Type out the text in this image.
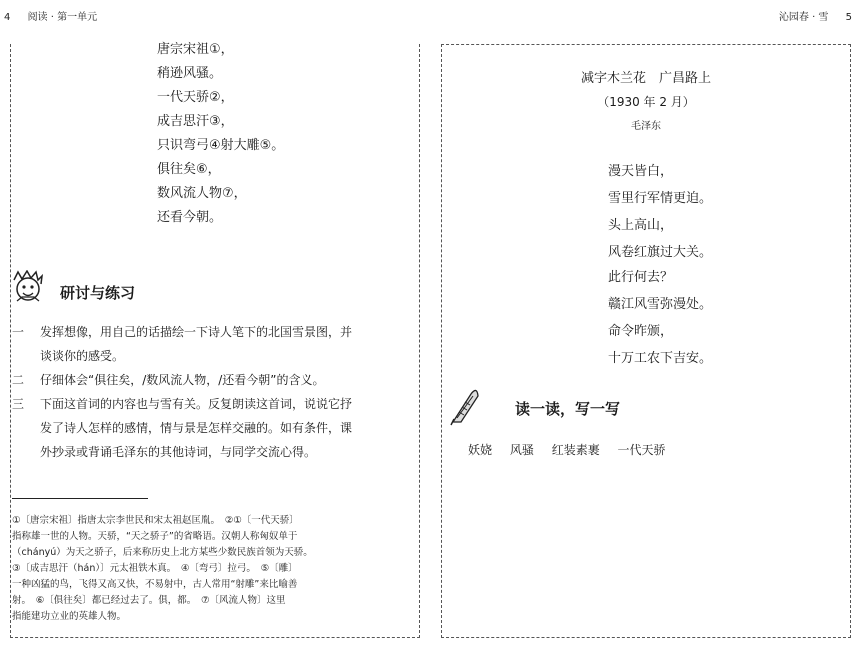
4 阅读 · 第一单元	沁园春 · 雪 5
唐宗宋祖①，
稍逊风骚。
一代天骄②，
成吉思汗③，
只识弯弓④射大雕⑤。
俱往矣⑥，
数风流人物⑦，
还看今朝。
研讨与练习
一 发挥想像，用自己的话描绘一下诗人笔下的北国雪景图，并
谈谈你的感受。
二 仔细体会“俱往矣，/数风流人物，/还看今朝”的含义。
三 下面这首词的内容也与雪有关。反复朗读这首词，说说它抒
发了诗人怎样的感情，情与景是怎样交融的。如有条件，课
外抄录或背诵毛泽东的其他诗词，与同学交流心得。
①〔唐宗宋祖〕指唐太宗李世民和宋太祖赵匡胤。　②①〔一代天骄〕
指称雄一世的人物。天骄，“天之骄子”的省略语。汉朝人称匈奴单于
（chányú）为天之骄子，后来称历史上北方某些少数民族首领为天骄。
③〔成吉思汗（hán）〕元太祖铁木真。　④〔弯弓〕拉弓。　⑤〔雕〕
一种凶猛的鸟，飞得又高又快，不易射中，古人常用“射雕”来比喻善
射。　⑥〔俱往矣〕都已经过去了。俱，都。　⑦〔风流人物〕这里
指能建功立业的英雄人物。
减字木兰花　广昌路上
（1930 年 2 月）
毛泽东
漫天皆白，
雪里行军情更迫。
头上高山，
风卷红旗过大关。
此行何去？
赣江风雪弥漫处。
命令昨颁，
十万工农下吉安。
读一读，写一写
妖娆 风骚 红装素裹 一代天骄
